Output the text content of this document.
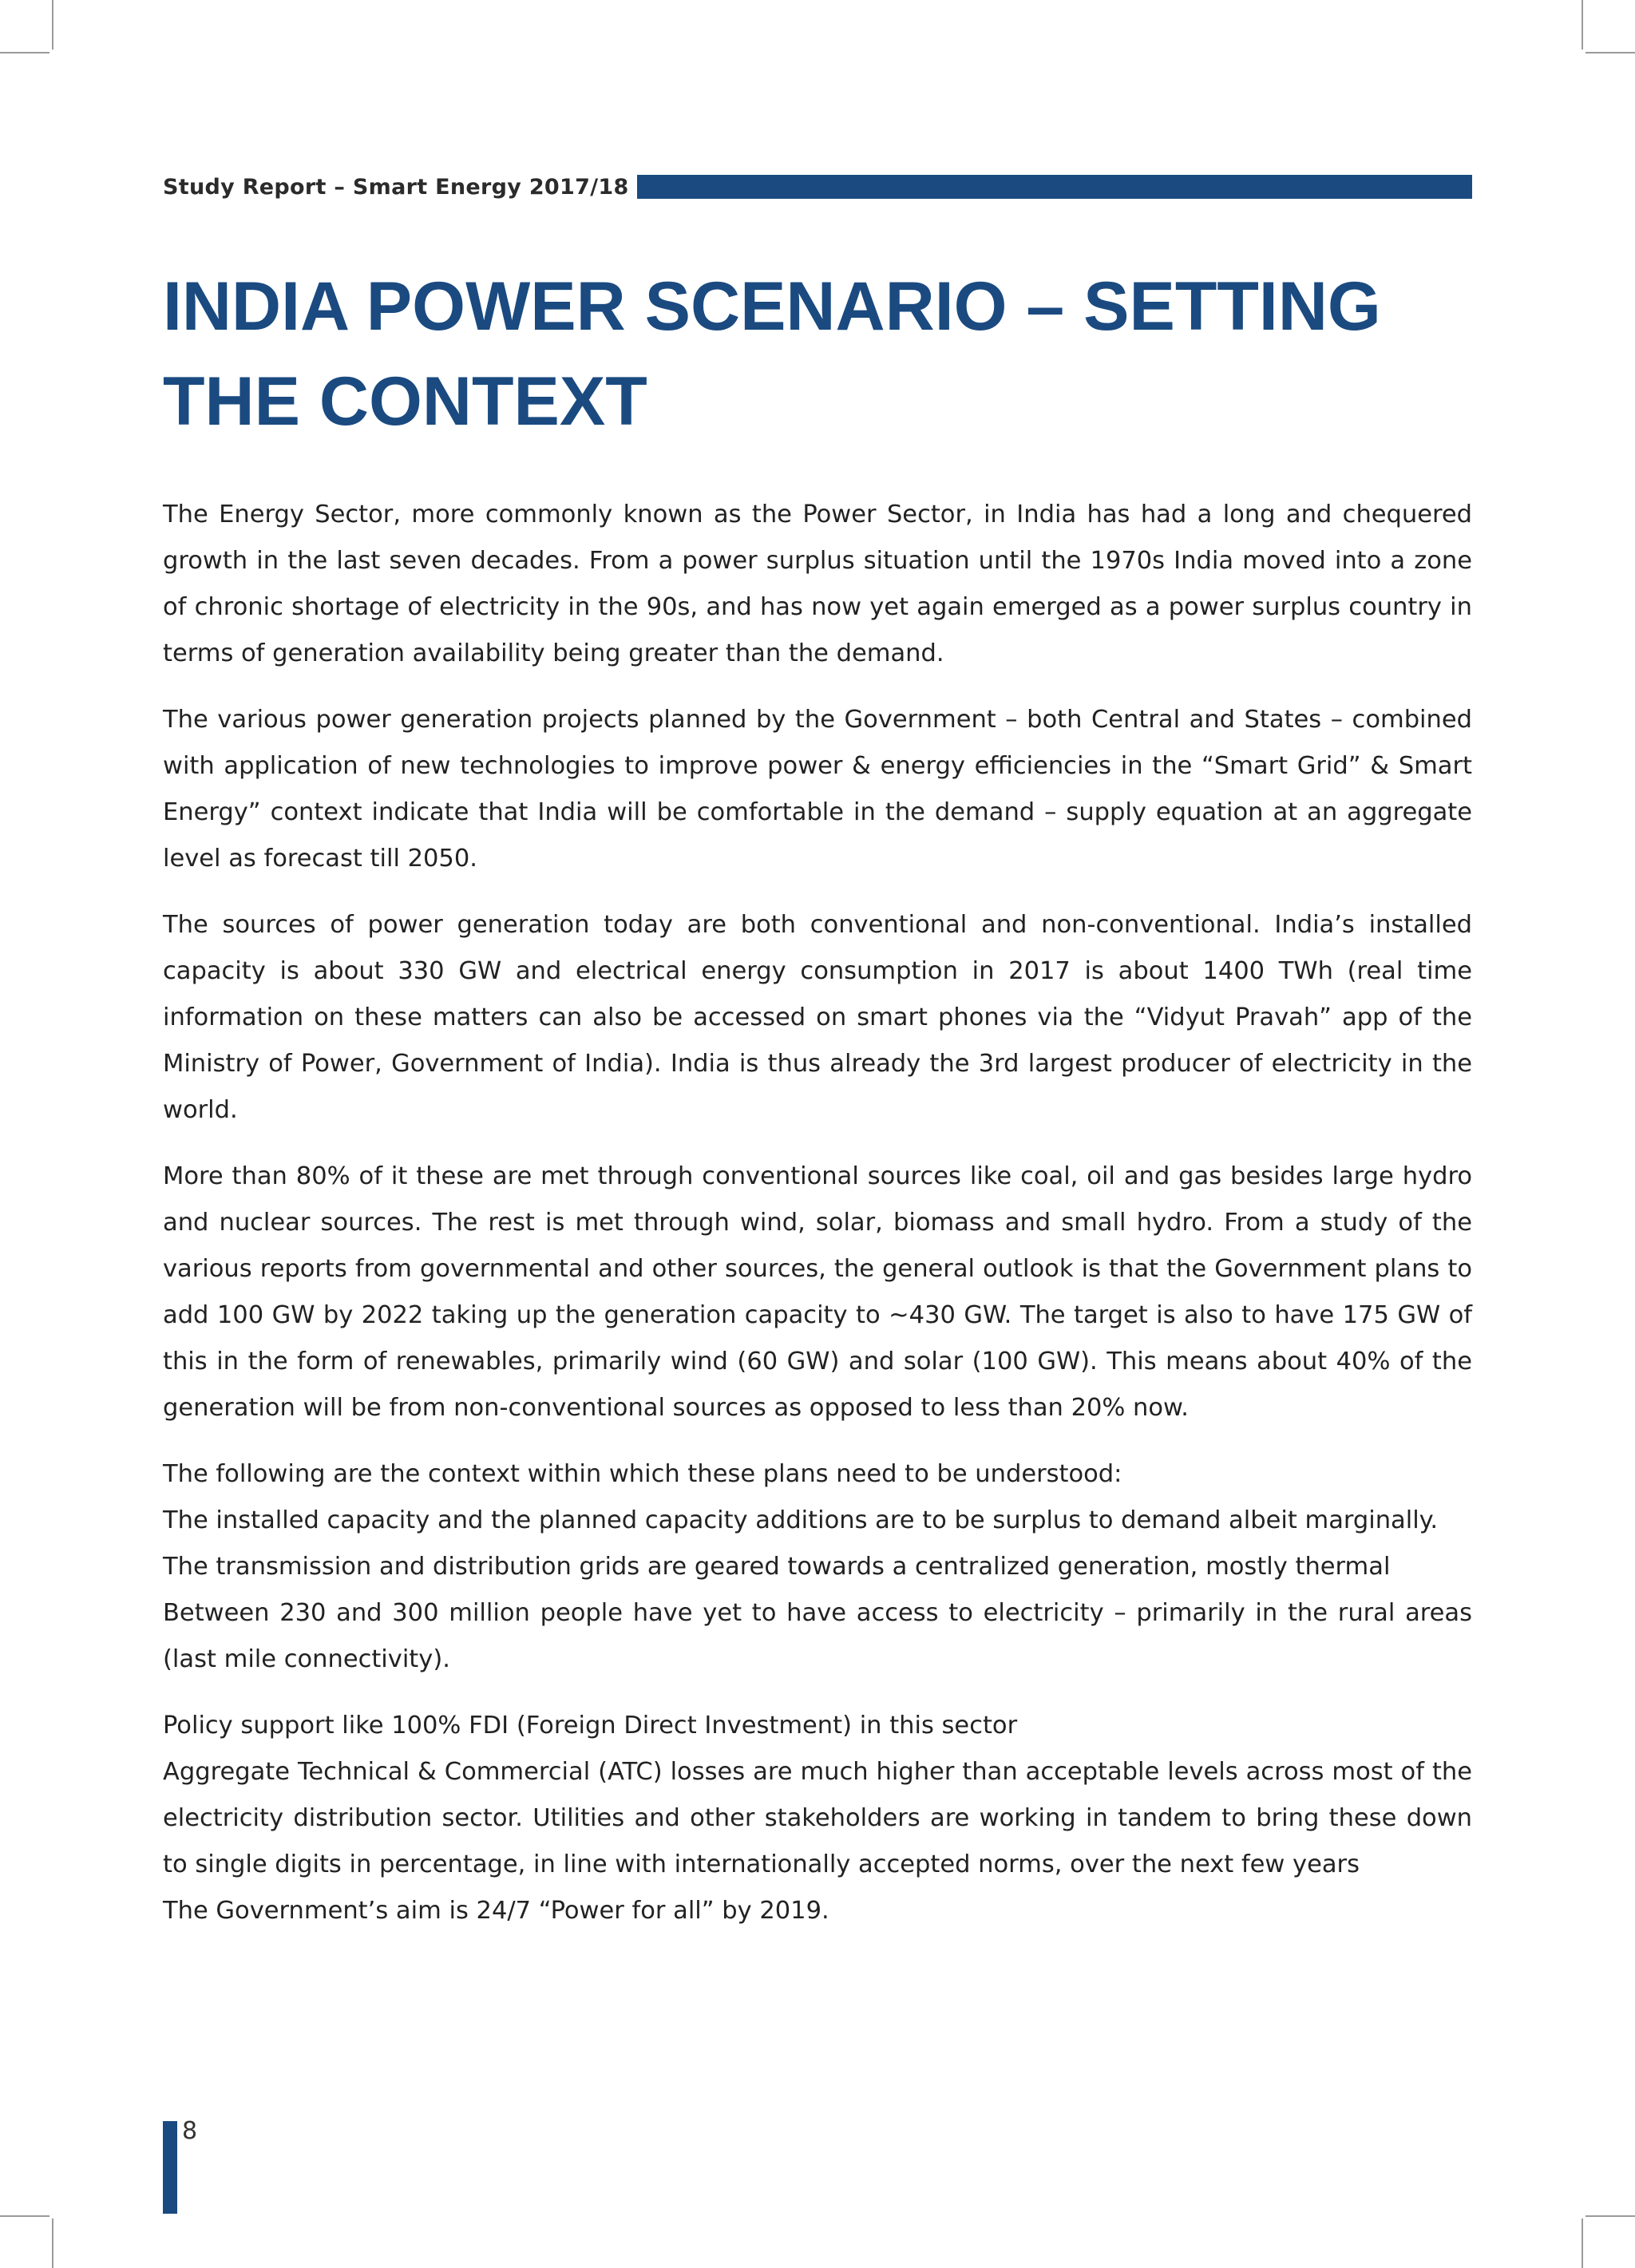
Study Report – Smart Energy 2017/18
INDIA POWER SCENARIO – SETTING THE CONTEXT

The Energy Sector, more commonly known as the Power Sector, in India has had a long and chequered growth in the last seven decades. From a power surplus situation until the 1970s India moved into a zone of chronic shortage of electricity in the 90s, and has now yet again emerged as a power surplus country in terms of generation availability being greater than the demand.

The various power generation projects planned by the Government – both Central and States – combined with application of new technologies to improve power & energy efficiencies in the “Smart Grid” & Smart Energy” context indicate that India will be comfortable in the demand – supply equation at an aggregate level as forecast till 2050.

The sources of power generation today are both conventional and non-conventional. India’s installed capacity is about 330 GW and electrical energy consumption in 2017 is about 1400 TWh (real time information on these matters can also be accessed on smart phones via the “Vidyut Pravah” app of the Ministry of Power, Government of India). India is thus already the 3rd largest producer of electricity in the world.

More than 80% of it these are met through conventional sources like coal, oil and gas besides large hydro and nuclear sources. The rest is met through wind, solar, biomass and small hydro. From a study of the various reports from governmental and other sources, the general outlook is that the Government plans to add 100 GW by 2022 taking up the generation capacity to ~430 GW. The target is also to have 175 GW of this in the form of renewables, primarily wind (60 GW) and solar (100 GW). This means about 40% of the generation will be from non-conventional sources as opposed to less than 20% now.

The following are the context within which these plans need to be understood:
The installed capacity and the planned capacity additions are to be surplus to demand albeit marginally.
The transmission and distribution grids are geared towards a centralized generation, mostly thermal
Between 230 and 300 million people have yet to have access to electricity – primarily in the rural areas (last mile connectivity).
Policy support like 100% FDI (Foreign Direct Investment) in this sector
Aggregate Technical & Commercial (ATC) losses are much higher than acceptable levels across most of the electricity distribution sector. Utilities and other stakeholders are working in tandem to bring these down to single digits in percentage, in line with internationally accepted norms, over the next few years
The Government’s aim is 24/7 “Power for all” by 2019.
8
